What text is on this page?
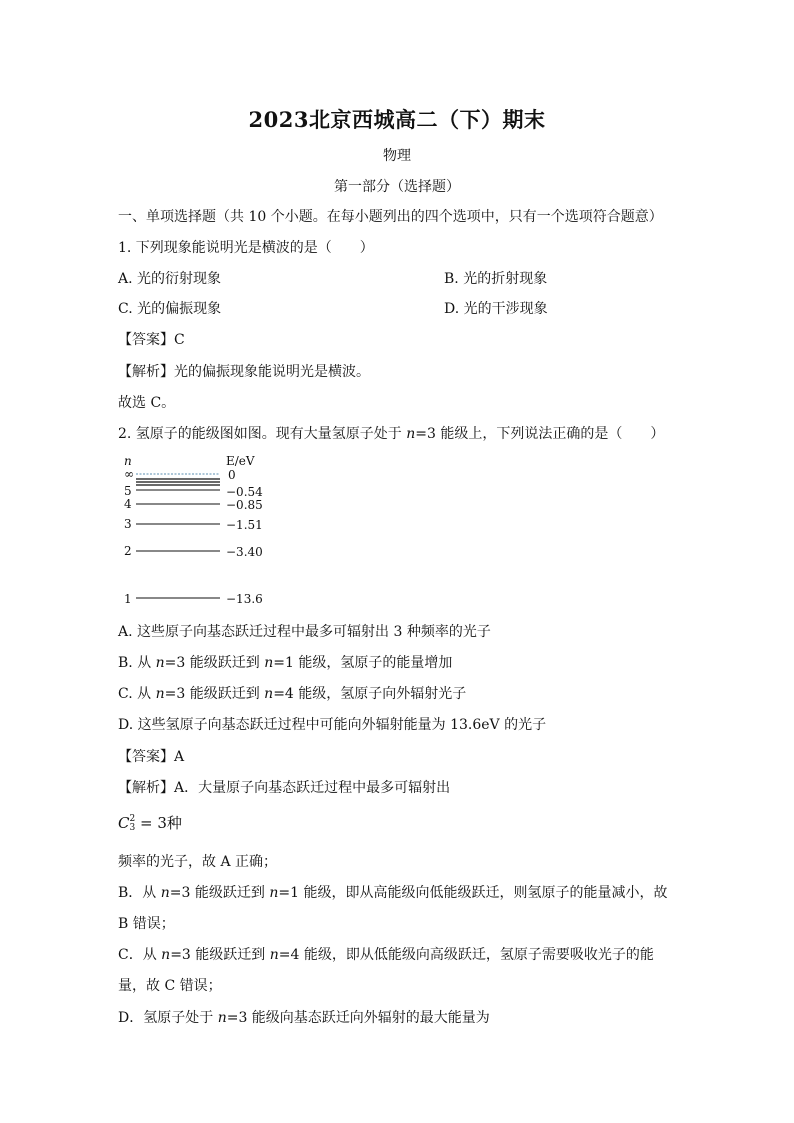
2023北京西城高二（下）期末
物理
第一部分（选择题）
一、单项选择题（共 10 个小题。在每小题列出的四个选项中，只有一个选项符合题意）
1. 下列现象能说明光是横波的是（　　）
A. 光的衍射现象	B. 光的折射现象
C. 光的偏振现象	D. 光的干涉现象
【答案】C
【解析】光的偏振现象能说明光是横波。
故选 C。
2. 氢原子的能级图如图。现有大量氢原子处于 n=3 能级上，下列说法正确的是（　　）
n	E/eV
∞	0
5	−0.54
4	−0.85
3	−1.51
2	−3.40
1	−13.6
A. 这些原子向基态跃迁过程中最多可辐射出 3 种频率的光子
B. 从 n=3 能级跃迁到 n=1 能级，氢原子的能量增加
C. 从 n=3 能级跃迁到 n=4 能级，氢原子向外辐射光子
D. 这些氢原子向基态跃迁过程中可能向外辐射能量为 13.6eV 的光子
【答案】A
【解析】A．大量原子向基态跃迁过程中最多可辐射出
C 2
3 = 3种
频率的光子，故 A 正确；
B．从 n=3 能级跃迁到 n=1 能级，即从高能级向低能级跃迁，则氢原子的能量减小，故
B 错误；
C．从 n=3 能级跃迁到 n=4 能级，即从低能级向高级跃迁，氢原子需要吸收光子的能
量，故 C 错误；
D．氢原子处于 n=3 能级向基态跃迁向外辐射的最大能量为
